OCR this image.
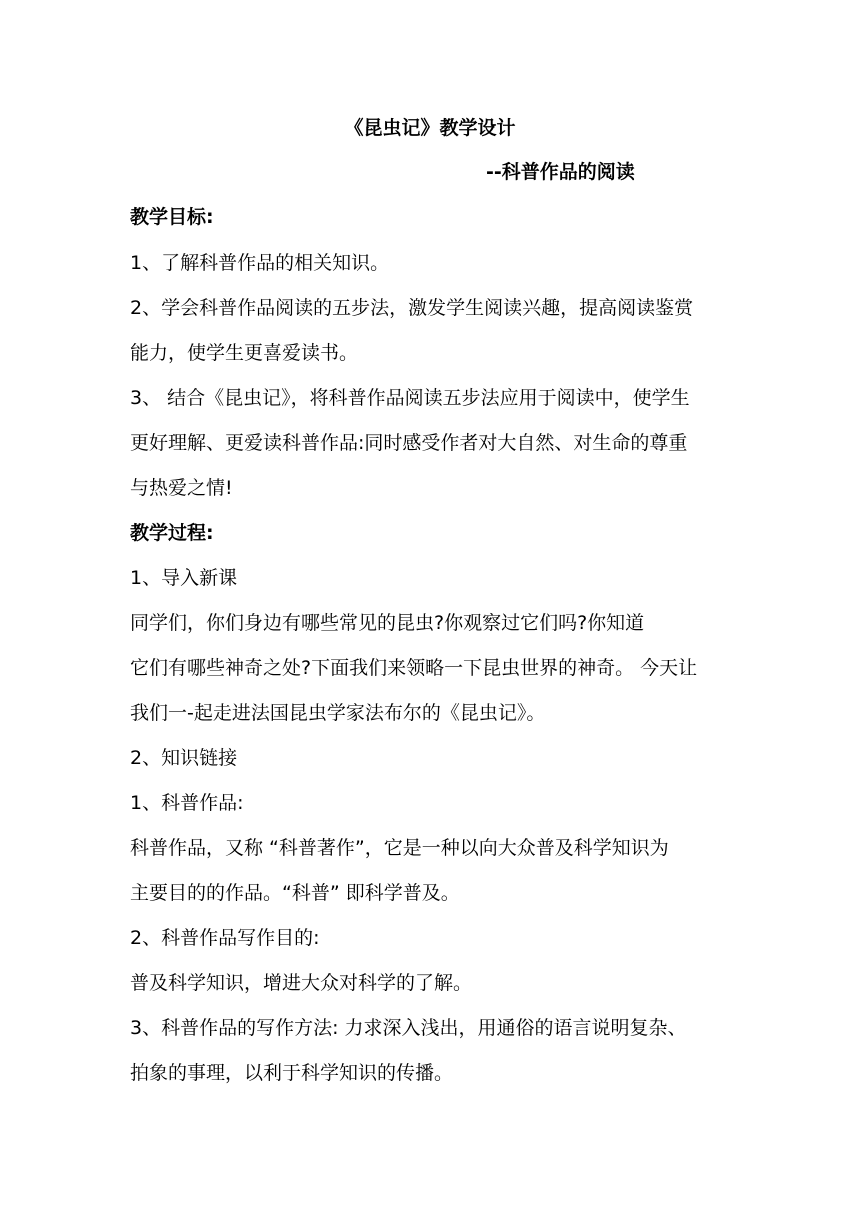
《昆虫记》教学设计
--科普作品的阅读
教学目标:
1、了解科普作品的相关知识。
2、学会科普作品阅读的五步法，激发学生阅读兴趣，提高阅读鉴赏
能力，使学生更喜爱读书。
3、 结合《昆虫记》，将科普作品阅读五步法应用于阅读中，使学生
更好理解、更爱读科普作品:同时感受作者对大自然、对生命的尊重
与热爱之情!
教学过程:
1、导入新课
同学们，你们身边有哪些常见的昆虫?你观察过它们吗?你知道
它们有哪些神奇之处?下面我们来领略一下昆虫世界的神奇。 今天让
我们一-起走进法国昆虫学家法布尔的《昆虫记》。
2、知识链接
1、科普作品:
科普作品，又称 “科普著作”，它是一种以向大众普及科学知识为
主要目的的作品。“科普” 即科学普及。
2、科普作品写作目的:
普及科学知识，增进大众对科学的了解。
3、科普作品的写作方法: 力求深入浅出，用通俗的语言说明复杂、
拍象的事理，以利于科学知识的传播。
